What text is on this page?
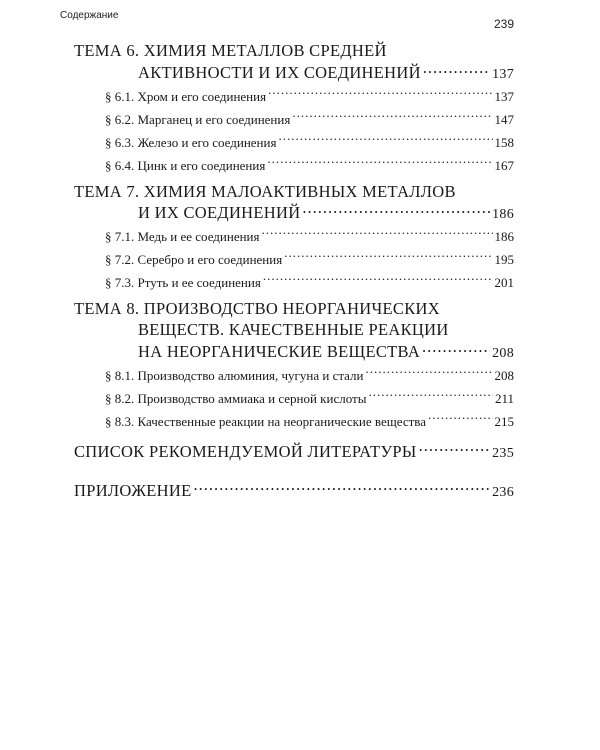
Содержание
239
ТЕМА 6. ХИМИЯ МЕТАЛЛОВ СРЕДНЕЙ
АКТИВНОСТИ И ИХ СОЕДИНЕНИЙ .....	137
§ 6.1. Хром и его соединения .....	137
§ 6.2. Марганец и его соединения .....	147
§ 6.3. Железо и его соединения .....	158
§ 6.4. Цинк и его соединения .....	167
ТЕМА 7. ХИМИЯ МАЛОАКТИВНЫХ МЕТАЛЛОВ
И ИХ СОЕДИНЕНИЙ .....	186
§ 7.1. Медь и ее соединения .....	186
§ 7.2. Серебро и его соединения .....	195
§ 7.3. Ртуть и ее соединения .....	201
ТЕМА 8. ПРОИЗВОДСТВО НЕОРГАНИЧЕСКИХ
ВЕЩЕСТВ. КАЧЕСТВЕННЫЕ РЕАКЦИИ
НА НЕОРГАНИЧЕСКИЕ ВЕЩЕСТВА .....	208
§ 8.1. Производство алюминия, чугуна и стали .....	208
§ 8.2. Производство аммиака и серной кислоты .....	211
§ 8.3. Качественные реакции на неорганические вещества .....	215
СПИСОК РЕКОМЕНДУЕМОЙ ЛИТЕРАТУРЫ .....	235
ПРИЛОЖЕНИЕ .....	236
